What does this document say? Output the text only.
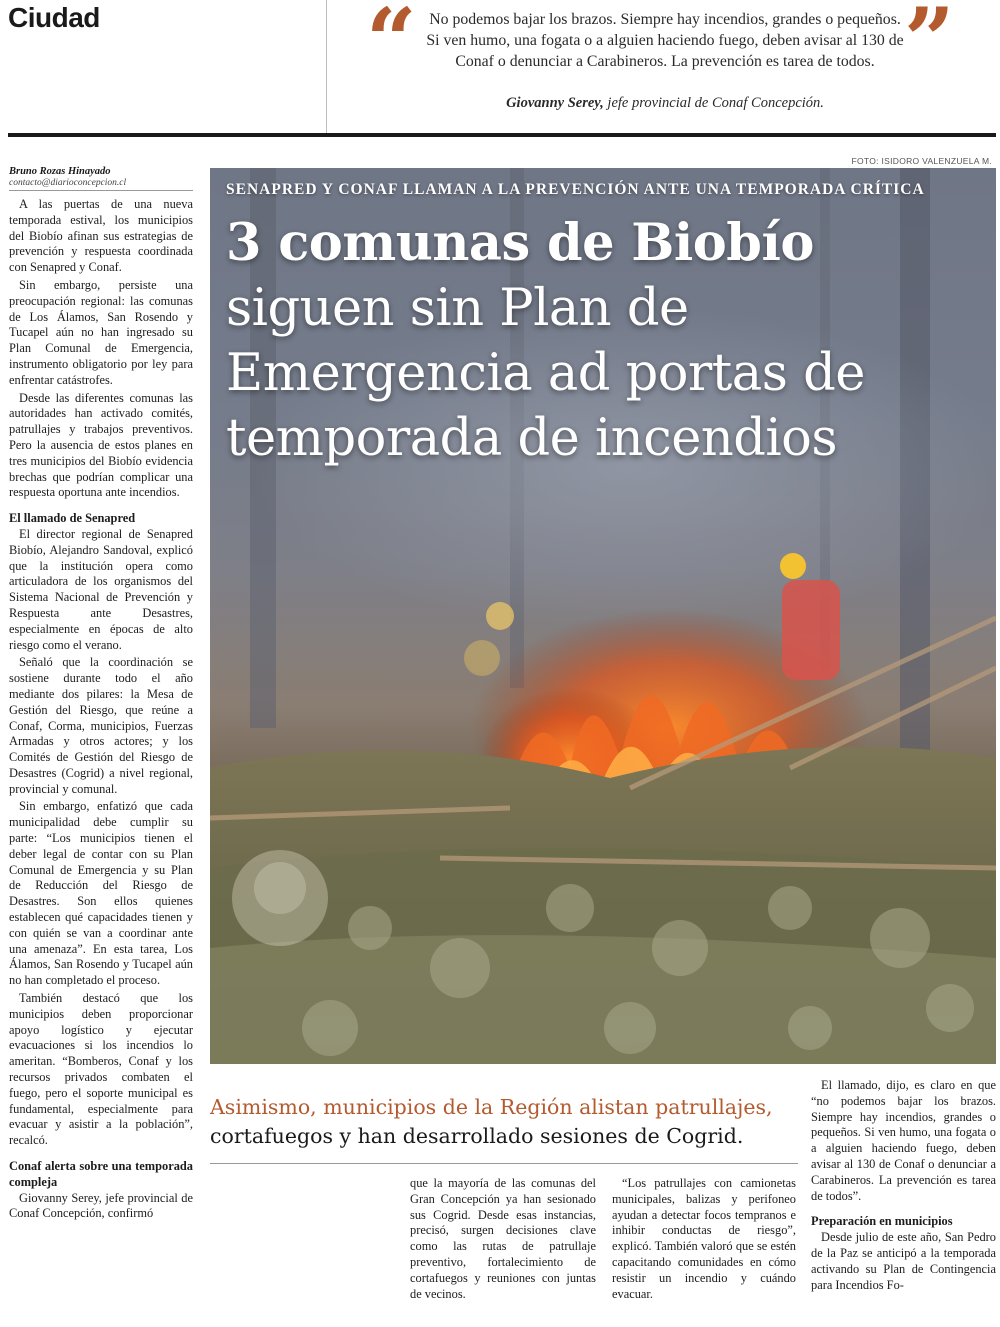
Ciudad	“ No podemos bajar los brazos. Siempre hay incendios, grandes o pequeños. Si ven humo, una fogata o a alguien haciendo fuego, deben avisar al 130 de Conaf o denunciar a Carabineros. La prevención es tarea de todos.
Giovanny Serey, jefe provincial de Conaf Concepción.
”
Bruno Rozas Hinayado
contacto@diarioconcepcion.cl

A las puertas de una nueva temporada estival, los municipios del Biobío afinan sus estrategias de prevención y respuesta coordinada con Senapred y Conaf.

Sin embargo, persiste una preocupación regional: las comunas de Los Álamos, San Rosendo y Tucapel aún no han ingresado su Plan Comunal de Emergencia, instrumento obligatorio por ley para enfrentar catástrofes.

Desde las diferentes comunas las autoridades han activado comités, patrullajes y trabajos preventivos. Pero la ausencia de estos planes en tres municipios del Biobío evidencia brechas que podrían complicar una respuesta oportuna ante incendios.

El llamado de Senapred

El director regional de Senapred Biobío, Alejandro Sandoval, explicó que la institución opera como articuladora de los organismos del Sistema Nacional de Prevención y Respuesta ante Desastres, especialmente en épocas de alto riesgo como el verano.

Señaló que la coordinación se sostiene durante todo el año mediante dos pilares: la Mesa de Gestión del Riesgo, que reúne a Conaf, Corma, municipios, Fuerzas Armadas y otros actores; y los Comités de Gestión del Riesgo de Desastres (Cogrid) a nivel regional, provincial y comunal.

Sin embargo, enfatizó que cada municipalidad debe cumplir su parte: “Los municipios tienen el deber legal de contar con su Plan Comunal de Emergencia y su Plan de Reducción del Riesgo de Desastres. Son ellos quienes establecen qué capacidades tienen y con quién se van a coordinar ante una amenaza”. En esta tarea, Los Álamos, San Rosendo y Tucapel aún no han completado el proceso.

También destacó que los municipios deben proporcionar apoyo logístico y ejecutar evacuaciones si los incendios lo ameritan. “Bomberos, Conaf y los recursos privados combaten el fuego, pero el soporte municipal es fundamental, especialmente para evacuar y asistir a la población”, recalcó.

Conaf alerta sobre una temporada compleja

Giovanny Serey, jefe provincial de Conaf Concepción, confirmó

FOTO: ISIDORO VALENZUELA M.
SENAPRED Y CONAF LLAMAN A LA PREVENCIÓN ANTE UNA TEMPORADA CRÍTICA
3 comunas de Biobío
siguen sin Plan de Emergencia ad portas de temporada de incendios
Asimismo, municipios de la Región alistan patrullajes,
cortafuegos y han desarrollado sesiones de Cogrid.

que la mayoría de las comunas del Gran Concepción ya han sesionado sus Cogrid. Desde esas instancias, precisó, surgen decisiones clave como las rutas de patrullaje preventivo, fortalecimiento de cortafuegos y reuniones con juntas de vecinos.

“Los patrullajes con camionetas municipales, balizas y perifoneo ayudan a detectar focos tempranos e inhibir conductas de riesgo”, explicó. También valoró que se estén capacitando comunidades en cómo resistir un incendio y cuándo evacuar.

El llamado, dijo, es claro en que “no podemos bajar los brazos. Siempre hay incendios, grandes o pequeños. Si ven humo, una fogata o a alguien haciendo fuego, deben avisar al 130 de Conaf o denunciar a Carabineros. La prevención es tarea de todos”.

Preparación en municipios

Desde julio de este año, San Pedro de la Paz se anticipó a la temporada activando su Plan de Contingencia para Incendios Fo-
